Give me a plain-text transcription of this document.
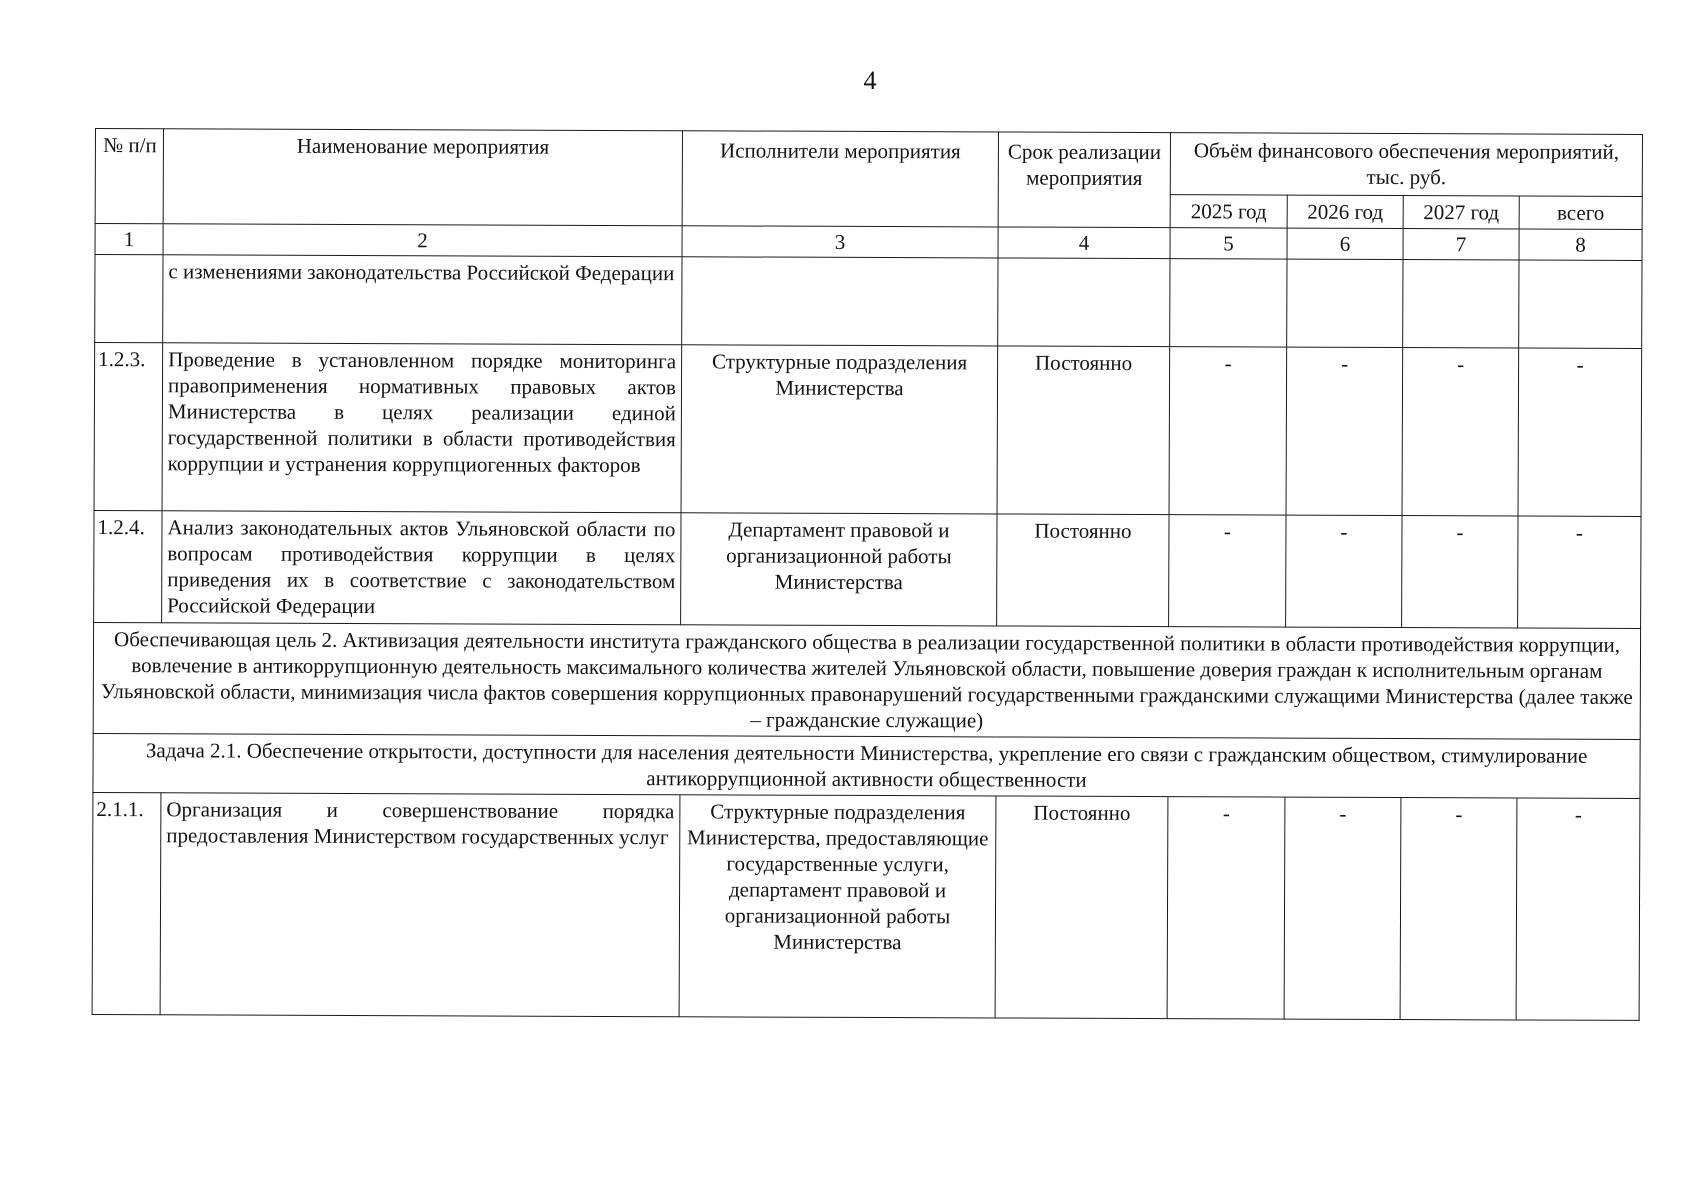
4
№ п/п	Наименование мероприятия	Исполнители мероприятия	Срок реализации мероприятия	Объём финансового обеспечения мероприятий, тыс. руб.			
				2025 год	2026 год	2027 год	всего
1	2	3	4	5	6	7	8
	с изменениями законодательства Российской Федерации						
1.2.3.	Проведение в установленном порядке мониторинга правоприменения нормативных правовых актов Министерства в целях реализации единой государственной политики в области противодействия коррупции и устранения коррупциогенных факторов	Структурные подразделения Министерства	Постоянно	-	-	-	-
1.2.4.	Анализ законодательных актов Ульяновской области по вопросам противодействия коррупции в целях приведения их в соответствие с законодательством Российской Федерации	Департамент правовой и организационной работы Министерства	Постоянно	-	-	-	-
Обеспечивающая цель 2. Активизация деятельности института гражданского общества в реализации государственной политики в области противодействия коррупции, вовлечение в антикоррупционную деятельность максимального количества жителей Ульяновской области, повышение доверия граждан к исполнительным органам Ульяновской области, минимизация числа фактов совершения коррупционных правонарушений государственными гражданскими служащими Министерства (далее также – гражданские служащие)							
Задача 2.1. Обеспечение открытости, доступности для населения деятельности Министерства, укрепление его связи с гражданским обществом, стимулирование антикоррупционной активности общественности							
2.1.1.	Организация и совершенствование порядка предоставления Министерством государственных услуг	Структурные подразделения Министерства, предоставляющие государственные услуги, департамент правовой и организационной работы Министерства	Постоянно	-	-	-	-
